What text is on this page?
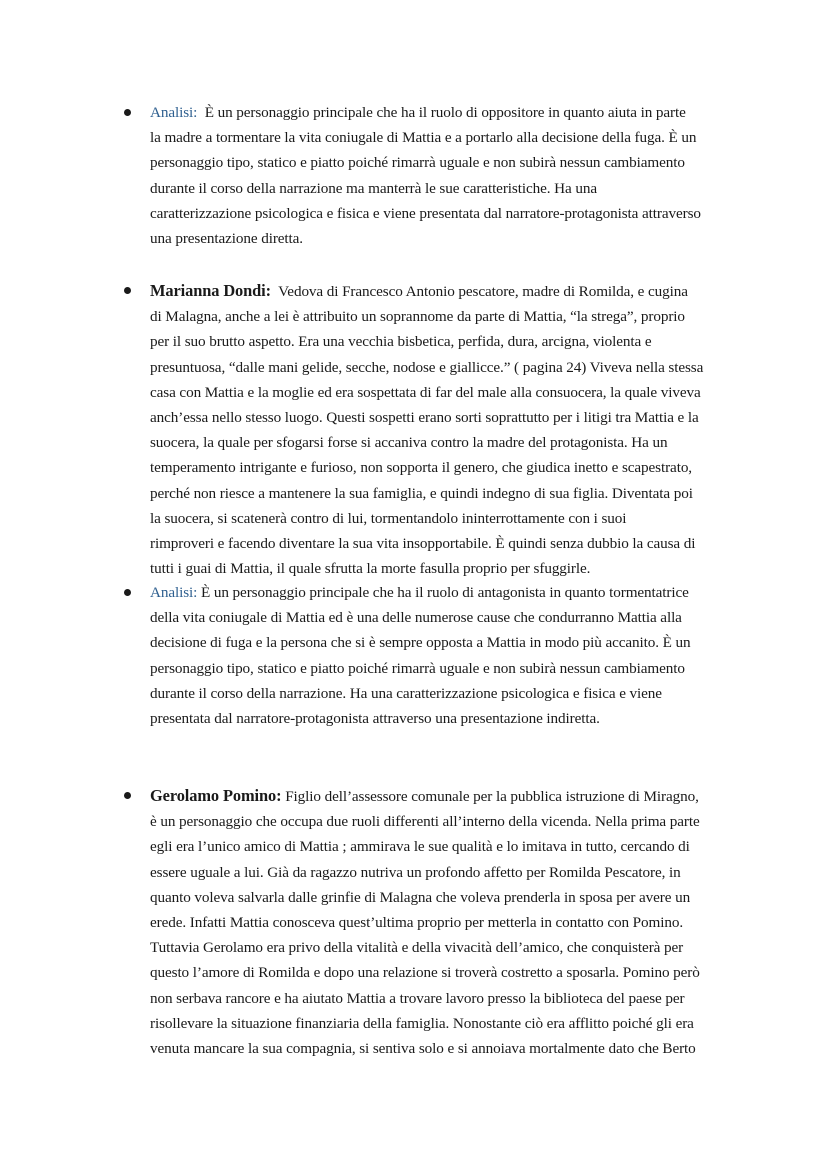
Analisi: È un personaggio principale che ha il ruolo di oppositore in quanto aiuta in parte
la madre a tormentare la vita coniugale di Mattia e a portarlo alla decisione della fuga. È un
personaggio tipo, statico e piatto poiché rimarrà uguale e non subirà nessun cambiamento
durante il corso della narrazione ma manterrà le sue caratteristiche. Ha una
caratterizzazione psicologica e fisica e viene presentata dal narratore-protagonista attraverso
una presentazione diretta.
Marianna Dondi: Vedova di Francesco Antonio pescatore, madre di Romilda, e cugina
di Malagna, anche a lei è attribuito un soprannome da parte di Mattia, “la strega”, proprio
per il suo brutto aspetto. Era una vecchia bisbetica, perfida, dura, arcigna, violenta e
presuntuosa, “dalle mani gelide, secche, nodose e giallicce.” ( pagina 24) Viveva nella stessa
casa con Mattia e la moglie ed era sospettata di far del male alla consuocera, la quale viveva
anch’essa nello stesso luogo. Questi sospetti erano sorti soprattutto per i litigi tra Mattia e la
suocera, la quale per sfogarsi forse si accaniva contro la madre del protagonista. Ha un
temperamento intrigante e furioso, non sopporta il genero, che giudica inetto e scapestrato,
perché non riesce a mantenere la sua famiglia, e quindi indegno di sua figlia. Diventata poi
la suocera, si scatenerà contro di lui, tormentandolo ininterrottamente con i suoi
rimproveri e facendo diventare la sua vita insopportabile. È quindi senza dubbio la causa di
tutti i guai di Mattia, il quale sfrutta la morte fasulla proprio per sfuggirle.
Analisi: È un personaggio principale che ha il ruolo di antagonista in quanto tormentatrice
della vita coniugale di Mattia ed è una delle numerose cause che condurranno Mattia alla
decisione di fuga e la persona che si è sempre opposta a Mattia in modo più accanito. È un
personaggio tipo, statico e piatto poiché rimarrà uguale e non subirà nessun cambiamento
durante il corso della narrazione. Ha una caratterizzazione psicologica e fisica e viene
presentata dal narratore-protagonista attraverso una presentazione indiretta.
Gerolamo Pomino: Figlio dell’assessore comunale per la pubblica istruzione di Miragno,
è un personaggio che occupa due ruoli differenti all’interno della vicenda. Nella prima parte
egli era l’unico amico di Mattia ; ammirava le sue qualità e lo imitava in tutto, cercando di
essere uguale a lui. Già da ragazzo nutriva un profondo affetto per Romilda Pescatore, in
quanto voleva salvarla dalle grinfie di Malagna che voleva prenderla in sposa per avere un
erede. Infatti Mattia conosceva quest’ultima proprio per metterla in contatto con Pomino.
Tuttavia Gerolamo era privo della vitalità e della vivacità dell’amico, che conquisterà per
questo l’amore di Romilda e dopo una relazione si troverà costretto a sposarla. Pomino però
non serbava rancore e ha aiutato Mattia a trovare lavoro presso la biblioteca del paese per
risollevare la situazione finanziaria della famiglia. Nonostante ciò era afflitto poiché gli era
venuta mancare la sua compagnia, si sentiva solo e si annoiava mortalmente dato che Berto
